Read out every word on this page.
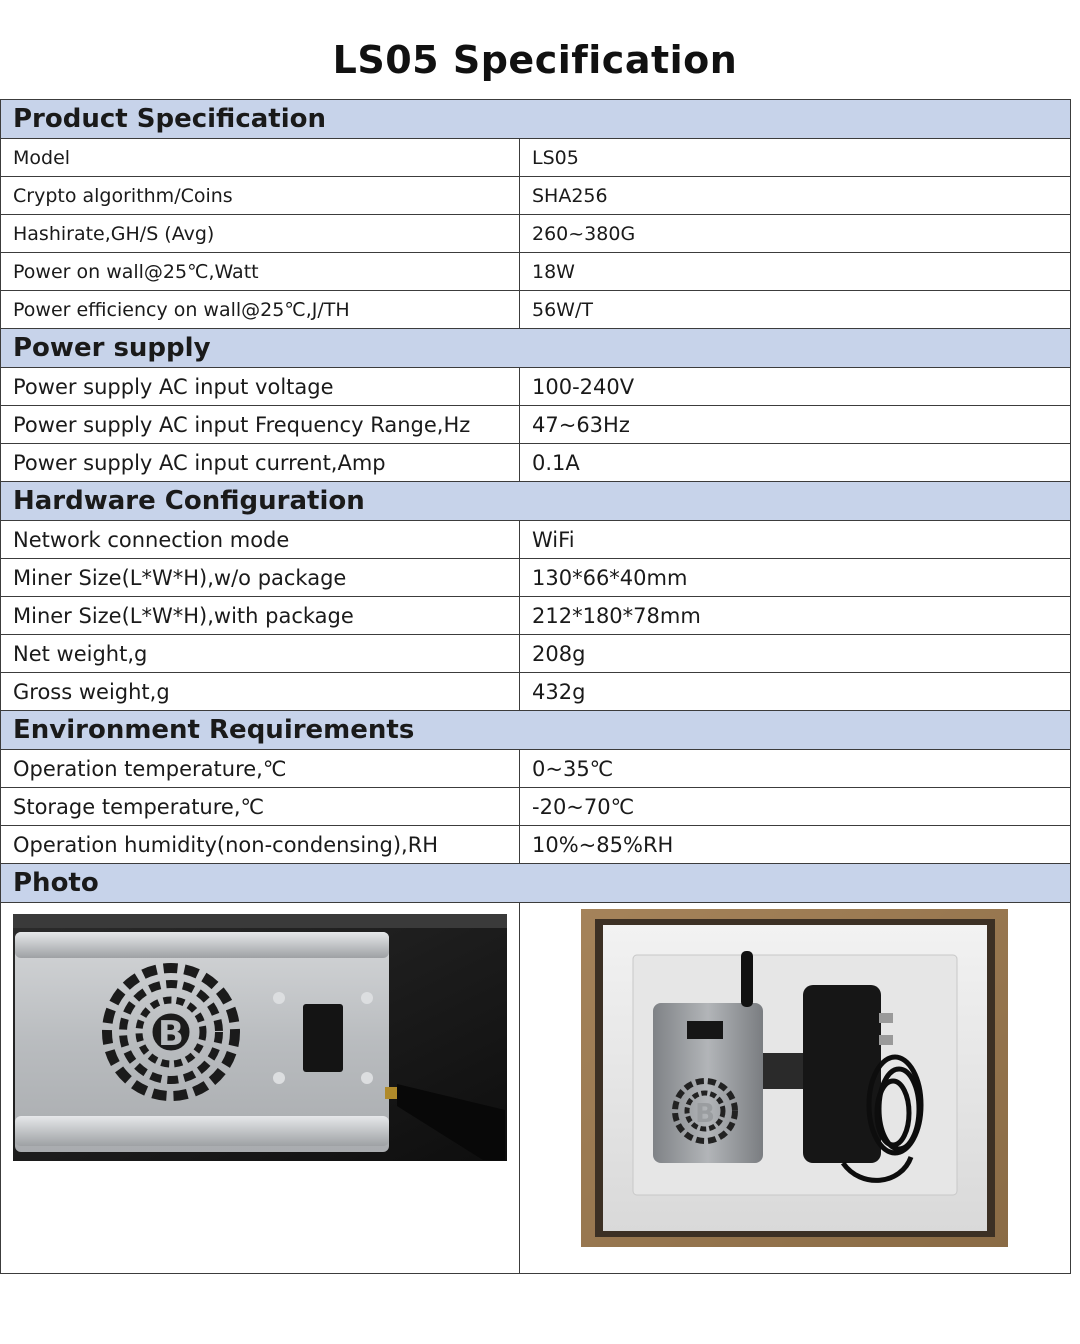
LS05 Specification
Product Specification	
Model	LS05
Crypto algorithm/Coins	SHA256
Hashirate,GH/S (Avg)	260~380G
Power on wall@25℃,Watt	18W
Power efficiency on wall@25℃,J/TH	56W/T
Power supply	
Power supply AC input voltage	100-240V
Power supply AC input Frequency Range,Hz	47~63Hz
Power supply AC input current,Amp	0.1A
Hardware Configuration	
Network connection mode	WiFi
Miner Size(L*W*H),w/o package	130*66*40mm
Miner Size(L*W*H),with package	212*180*78mm
Net weight,g	208g
Gross weight,g	432g
Environment Requirements	
Operation temperature,℃	0~35℃
Storage temperature,℃	-20~70℃
Operation humidity(non-condensing),RH	10%~85%RH
Photo	

B	B
